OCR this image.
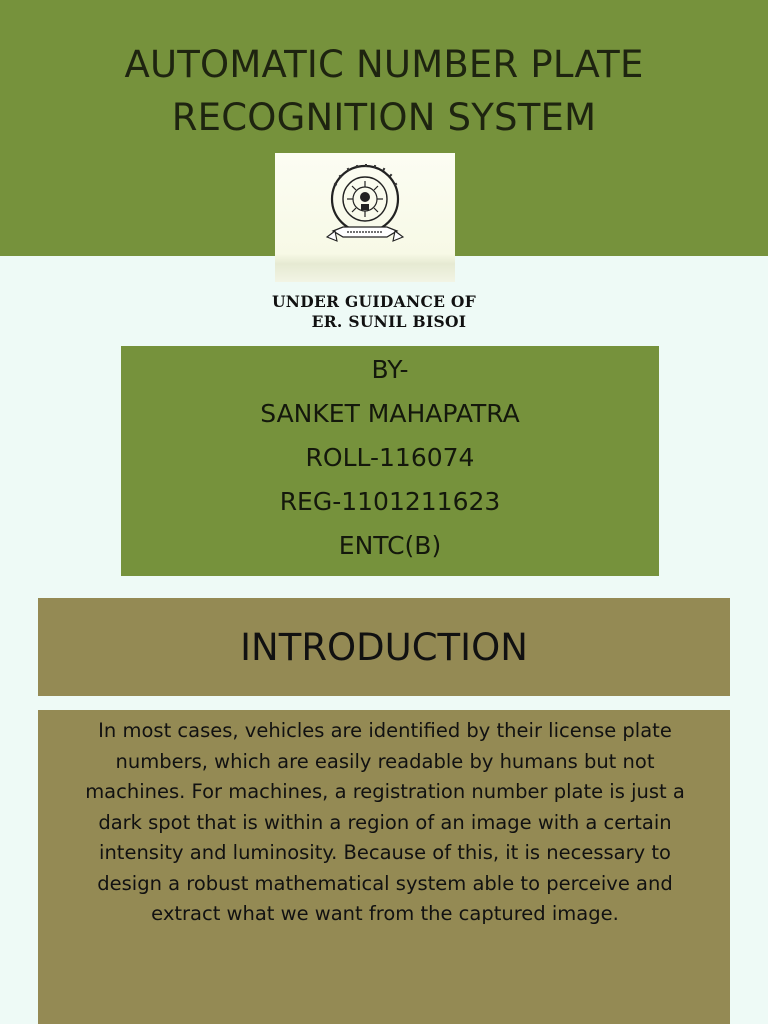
AUTOMATIC NUMBER PLATE
RECOGNITION SYSTEM
UNDER GUIDANCE OF
ER. SUNIL BISOI
BY-
SANKET MAHAPATRA
ROLL-116074
REG-1101211623
ENTC(B)
INTRODUCTION

In most cases, vehicles are identified by their license plate numbers, which are easily readable by humans but not machines. For machines, a registration number plate is just a dark spot that is within a region of an image with a certain intensity and luminosity. Because of this, it is necessary to design a robust mathematical system able to perceive and extract what we want from the captured image.
